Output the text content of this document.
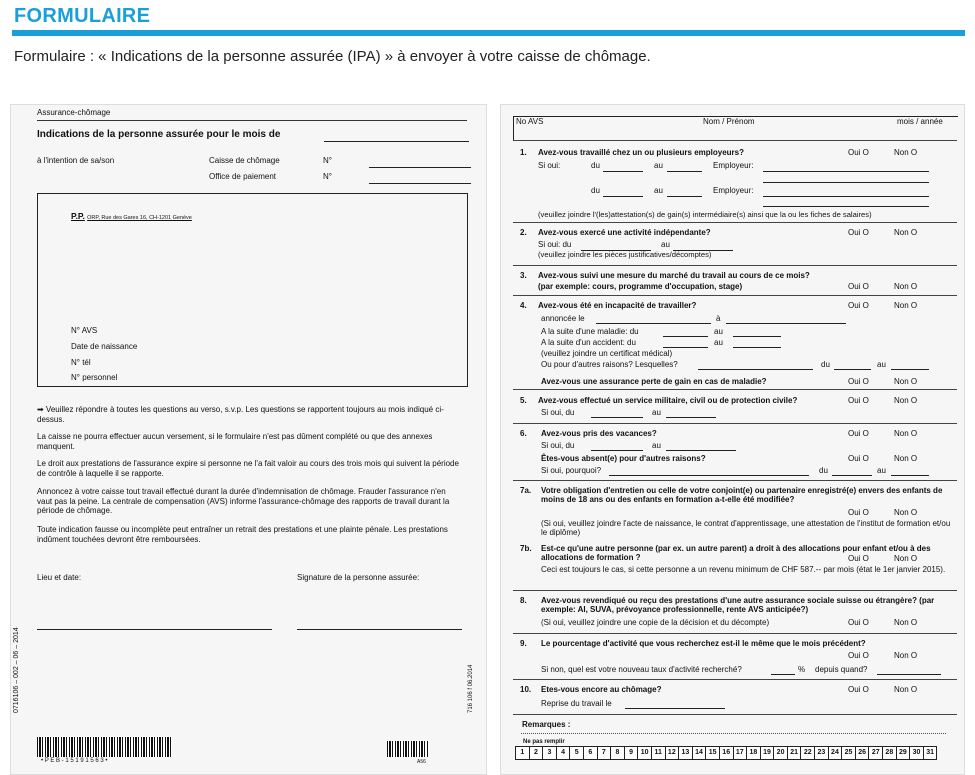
FORMULAIRE
Formulaire : « Indications de la personne assurée (IPA) » à envoyer à votre caisse de chômage.
Assurance-chômage
Indications de la personne assurée pour le mois de
à l'intention de sa/son	Caisse de chômage	N°
Office de paiement	N°
P.P. ORP, Rue des Gares 16, CH-1201 Genève
N° AVS
Date de naissance
N° tél
N° personnel
➡ Veuillez répondre à toutes les questions au verso, s.v.p. Les questions se rapportent toujours au mois indiqué ci-dessus.
La caisse ne pourra effectuer aucun versement, si le formulaire n'est pas dûment complété ou que des annexes manquent.
Le droit aux prestations de l'assurance expire si personne ne l'a fait valoir au cours des trois mois qui suivent la période de contrôle à laquelle il se rapporte.
Annoncez à votre caisse tout travail effectué durant la durée d'indemnisation de chômage. Frauder l'assurance n'en vaut pas la peine. La centrale de compensation (AVS) informe l'assurance-chômage des rapports de travail durant la période de chômage.
Toute indication fausse ou incomplète peut entraîner un retrait des prestations et une plainte pénale. Les prestations indûment touchées devront être remboursées.
Lieu et date:	Signature de la personne assurée:
0716106 – 002 – 06 – 2014	716 106 f 06.2014
• P E B - 1 5 1 9 1 5 6 3 •	A56
No AVS	Nom / Prénom	mois / année
1. Avez-vous travaillé chez un ou plusieurs employeurs?	Oui O	Non O
Si oui:	du	au	Employeur:
du	au	Employeur:
(veuillez joindre l'(les)attestation(s) de gain(s) intermédiaire(s) ainsi que la ou les fiches de salaires)
2. Avez-vous exercé une activité indépendante?	Oui O	Non O
Si oui: du	au
(veuillez joindre les pièces justificatives/décomptes)
3. Avez-vous suivi une mesure du marché du travail au cours de ce mois?
(par exemple: cours, programme d'occupation, stage)	Oui O	Non O
4. Avez-vous été en incapacité de travailler?	Oui O	Non O
annoncée le	à
A la suite d'une maladie: du	au
A la suite d'un accident: du	au
(veuillez joindre un certificat médical)
Ou pour d'autres raisons? Lesquelles?	du	au
Avez-vous une assurance perte de gain en cas de maladie?	Oui O	Non O
5. Avez-vous effectué un service militaire, civil ou de protection civile?	Oui O	Non O
Si oui, du	au
6. Avez-vous pris des vacances?	Oui O	Non O
Si oui, du	au
Êtes-vous absent(e) pour d'autres raisons?	Oui O	Non O
Si oui, pourquoi?	du	au
7a. Votre obligation d'entretien ou celle de votre conjoint(e) ou partenaire enregistré(e) envers des enfants de moins de 18 ans ou des enfants en formation a-t-elle été modifiée?
Oui O	Non O
(Si oui, veuillez joindre l'acte de naissance, le contrat d'apprentissage, une attestation de l'institut de formation et/ou le diplôme)
7b. Est-ce qu'une autre personne (par ex. un autre parent) a droit à des allocations pour enfant et/ou à des allocations de formation ?	Oui O	Non O
Ceci est toujours le cas, si cette personne a un revenu minimum de CHF 587.-- par mois (état le 1er janvier 2015).
8. Avez-vous revendiqué ou reçu des prestations d'une autre assurance sociale suisse ou étrangère? (par exemple: AI, SUVA, prévoyance professionnelle, rente AVS anticipée?)
(Si oui, veuillez joindre une copie de la décision et du décompte)	Oui O	Non O
9. Le pourcentage d'activité que vous recherchez est-il le même que le mois précédent?
Oui O	Non O
Si non, quel est votre nouveau taux d'activité recherché?	% depuis quand?
10. Etes-vous encore au chômage?	Oui O	Non O
Reprise du travail le
Remarques :
Ne pas remplir
1	2	3	4	5	6	7	8	9	10 11 12 13 14 15 16 17 18 19 20 21 22 23 24 25 26 27 28 29 30 31
